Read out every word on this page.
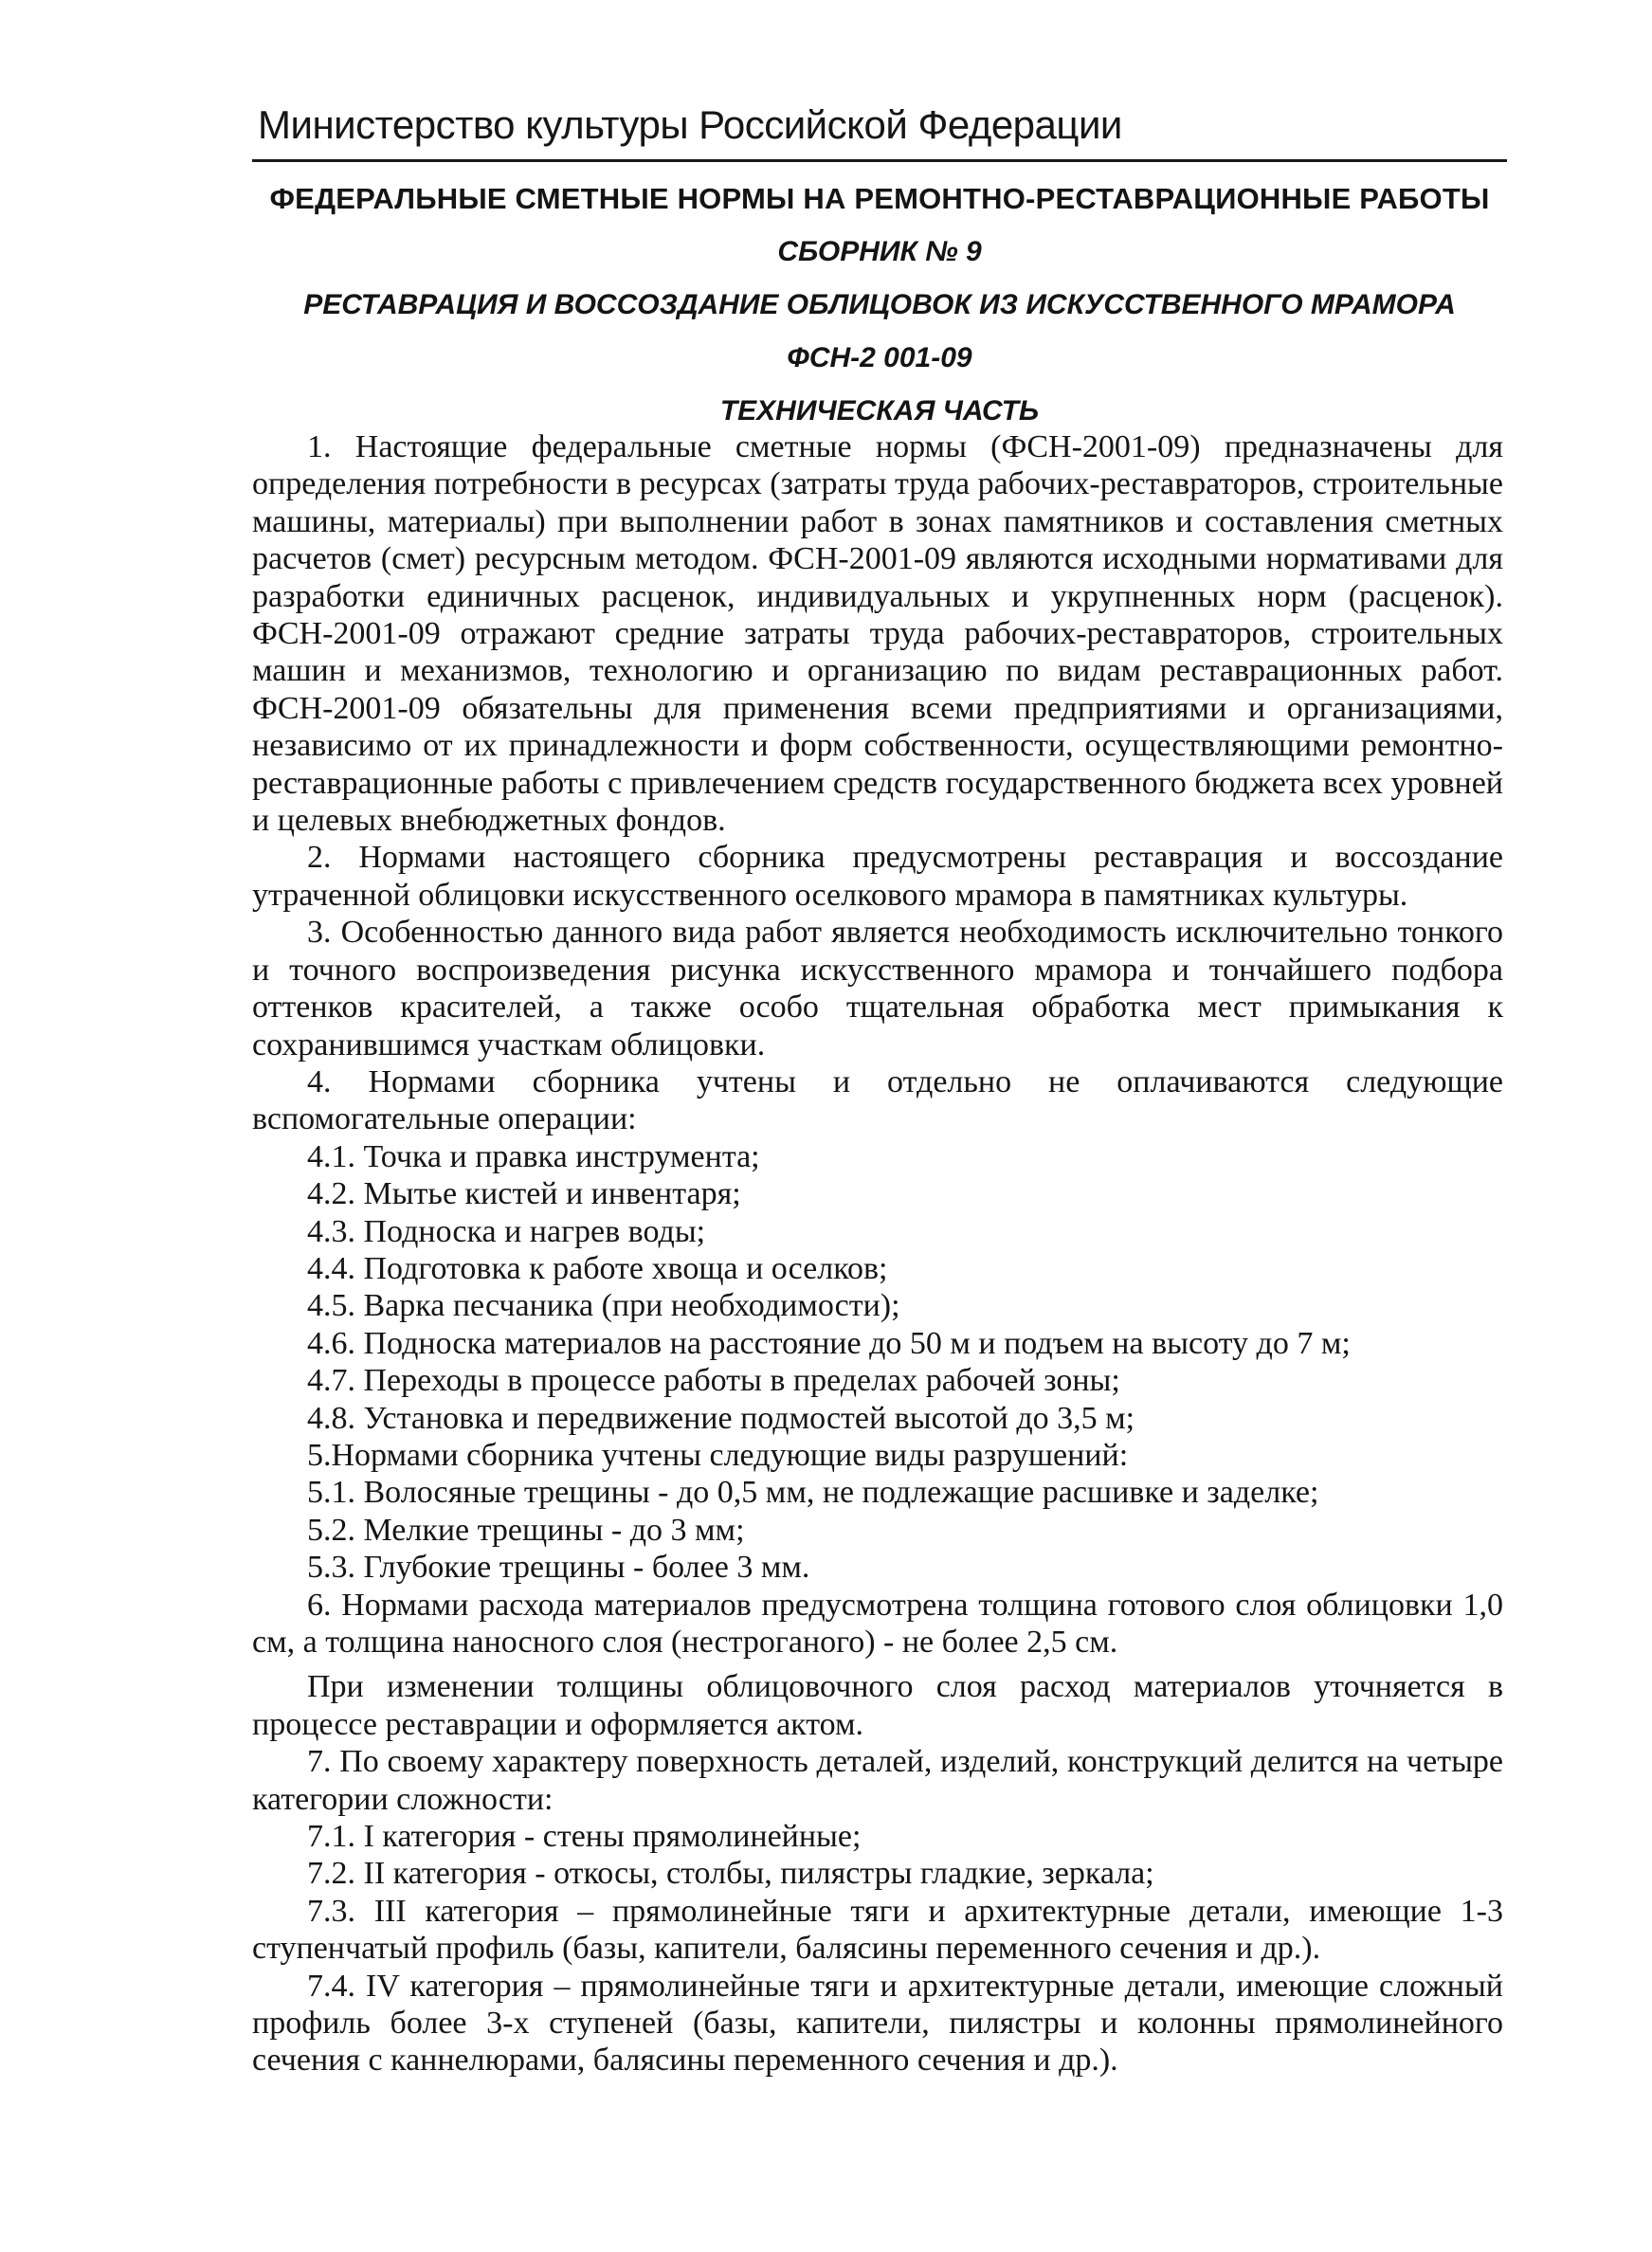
Министерство культуры Российской Федерации
ФЕДЕРАЛЬНЫЕ СМЕТНЫЕ НОРМЫ НА РЕМОНТНО-РЕСТАВРАЦИОННЫЕ РАБОТЫ
СБОРНИК № 9
РЕСТАВРАЦИЯ И ВОССОЗДАНИЕ ОБЛИЦОВОК ИЗ ИСКУССТВЕННОГО МРАМОРА
ФСН-2 001-09
ТЕХНИЧЕСКАЯ ЧАСТЬ

1. Настоящие федеральные сметные нормы (ФСН-2001-09) предназначены для определения потребности в ресурсах (затраты труда рабочих-реставраторов, строительные машины, материалы) при выполнении работ в зонах памятников и составления сметных расчетов (смет) ресурсным методом. ФСН-2001-09 являются исходными нормативами для разработки единичных расценок, индивидуальных и укрупненных норм (расценок). ФСН-2001-09 отражают средние затраты труда рабочих-реставраторов, строительных машин и механизмов, технологию и организацию по видам реставрационных работ. ФСН-2001-09 обязательны для применения всеми предприятиями и организациями, независимо от их принадлежности и форм собственности, осуществляющими ремонтно-реставрационные работы с привлечением средств государственного бюджета всех уровней и целевых внебюджетных фондов.

2. Нормами настоящего сборника предусмотрены реставрация и воссоздание утраченной облицовки искусственного оселкового мрамора в памятниках культуры.

3. Особенностью данного вида работ является необходимость исключительно тонкого и точного воспроизведения рисунка искусственного мрамора и тончайшего подбора оттенков красителей, а также особо тщательная обработка мест примыкания к сохранившимся участкам облицовки.

4. Нормами сборника учтены и отдельно не оплачиваются следующие вспомогательные операции:

4.1. Точка и правка инструмента;
4.2. Мытье кистей и инвентаря;
4.3. Подноска и нагрев воды;
4.4. Подготовка к работе хвоща и оселков;
4.5. Варка песчаника (при необходимости);
4.6. Подноска материалов на расстояние до 50 м и подъем на высоту до 7 м;
4.7. Переходы в процессе работы в пределах рабочей зоны;
4.8. Установка и передвижение подмостей высотой до 3,5 м;
5.Нормами сборника учтены следующие виды разрушений:
5.1. Волосяные трещины - до 0,5 мм, не подлежащие расшивке и заделке;
5.2. Мелкие трещины - до 3 мм;
5.3. Глубокие трещины - более 3 мм.

6. Нормами расхода материалов предусмотрена толщина готового слоя облицовки 1,0 см, а толщина наносного слоя (нестроганого) - не более 2,5 см.

При изменении толщины облицовочного слоя расход материалов уточняется в процессе реставрации и оформляется актом.

7. По своему характеру поверхность деталей, изделий, конструкций делится на четыре категории сложности:

7.1. I категория - стены прямолинейные;
7.2. II категория - откосы, столбы, пилястры гладкие, зеркала;

7.3. III категория – прямолинейные тяги и архитектурные детали, имеющие 1-3 ступенчатый профиль (базы, капители, балясины переменного сечения и др.).

7.4. IV категория – прямолинейные тяги и архитектурные детали, имеющие сложный профиль более 3-х ступеней (базы, капители, пилястры и колонны прямолинейного сечения с каннелюрами, балясины переменного сечения и др.).
